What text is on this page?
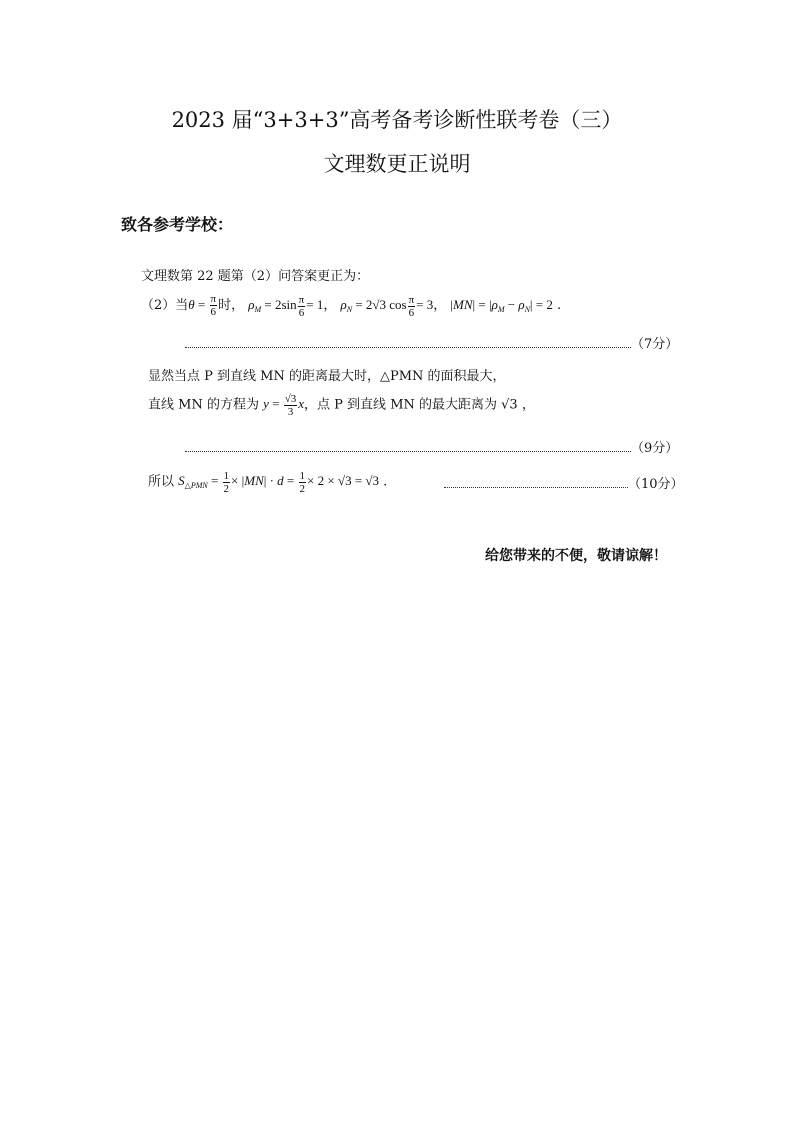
2023 届“3+3+3”高考备考诊断性联考卷（三）
文理数更正说明
致各参考学校：
文理数第 22 题第（2）问答案更正为：
（2）当$\theta = \frac{\pi}{6}$ 时， $\rho_M = 2\sin \frac{\pi}{6} = 1$， $\rho_N = 2√3$ $\cos \frac{\pi}{6} = 3$， $|MN| = |\rho_M - \rho_N| = 2$ .
（7分）
显然当点 P 到直线 MN 的距离最大时，△PMN 的面积最大，
直线 MN 的方程为 $y = \frac{√3}{3}$ x，点 P 到直线 MN 的最大距离为 √3 ，
（9分）
所以 $S_{\triangle PMN} = \frac{1}{2} \times |MN| \cdot d = \frac{1}{2} \times 2 \times √3 = √3$ .	（10分）
给您带来的不便，敬请谅解！
